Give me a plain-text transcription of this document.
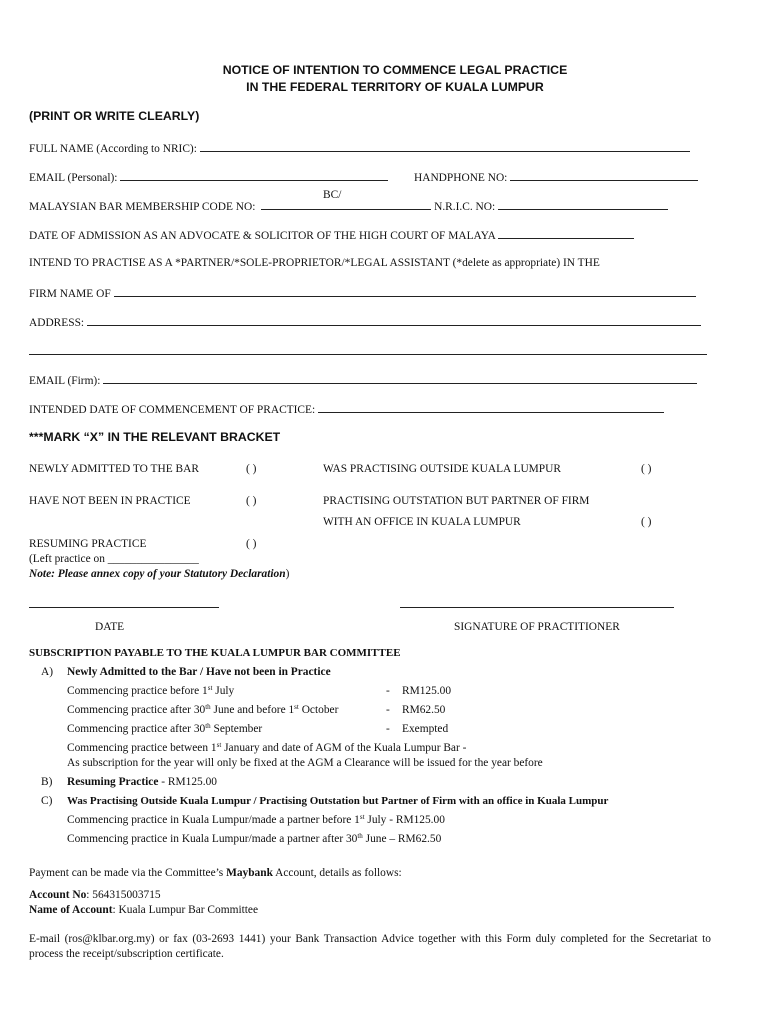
NOTICE OF INTENTION TO COMMENCE LEGAL PRACTICE
IN THE FEDERAL TERRITORY OF KUALA LUMPUR
(PRINT OR WRITE CLEARLY)
FULL NAME (According to NRIC):
EMAIL (Personal):	HANDPHONE NO:
BC/
MALAYSIAN BAR MEMBERSHIP CODE NO:	N.R.I.C. NO:
DATE OF ADMISSION AS AN ADVOCATE & SOLICITOR OF THE HIGH COURT OF MALAYA
INTEND TO PRACTISE AS A *PARTNER/*SOLE-PROPRIETOR/*LEGAL ASSISTANT (*delete as appropriate) IN THE
FIRM NAME OF
ADDRESS:
EMAIL (Firm):
INTENDED DATE OF COMMENCEMENT OF PRACTICE:
***MARK “X” IN THE RELEVANT BRACKET
NEWLY ADMITTED TO THE BAR	( )	WAS PRACTISING OUTSIDE KUALA LUMPUR	( )
HAVE NOT BEEN IN PRACTICE	( )	PRACTISING OUTSTATION BUT PARTNER OF FIRM
WITH AN OFFICE IN KUALA LUMPUR	( )
RESUMING PRACTICE	( )
(Left practice on ________________
Note: Please annex copy of your Statutory Declaration)
DATE	SIGNATURE OF PRACTITIONER
SUBSCRIPTION PAYABLE TO THE KUALA LUMPUR BAR COMMITTEE
A) Newly Admitted to the Bar / Have not been in Practice
Commencing practice before 1st July	- RM125.00
Commencing practice after 30th June and before 1st October	- RM62.50
Commencing practice after 30th September	- Exempted
Commencing practice between 1st January and date of AGM of the Kuala Lumpur Bar -
As subscription for the year will only be fixed at the AGM a Clearance will be issued for the year before
B) Resuming Practice - RM125.00
C) Was Practising Outside Kuala Lumpur / Practising Outstation but Partner of Firm with an office in Kuala Lumpur
Commencing practice in Kuala Lumpur/made a partner before 1st July - RM125.00
Commencing practice in Kuala Lumpur/made a partner after 30th June – RM62.50
Payment can be made via the Committee’s Maybank Account, details as follows:
Account No: 564315003715
Name of Account: Kuala Lumpur Bar Committee
E-mail (ros@klbar.org.my) or fax (03-2693 1441) your Bank Transaction Advice together with this Form duly completed for the Secretariat to process the receipt/subscription certificate.
